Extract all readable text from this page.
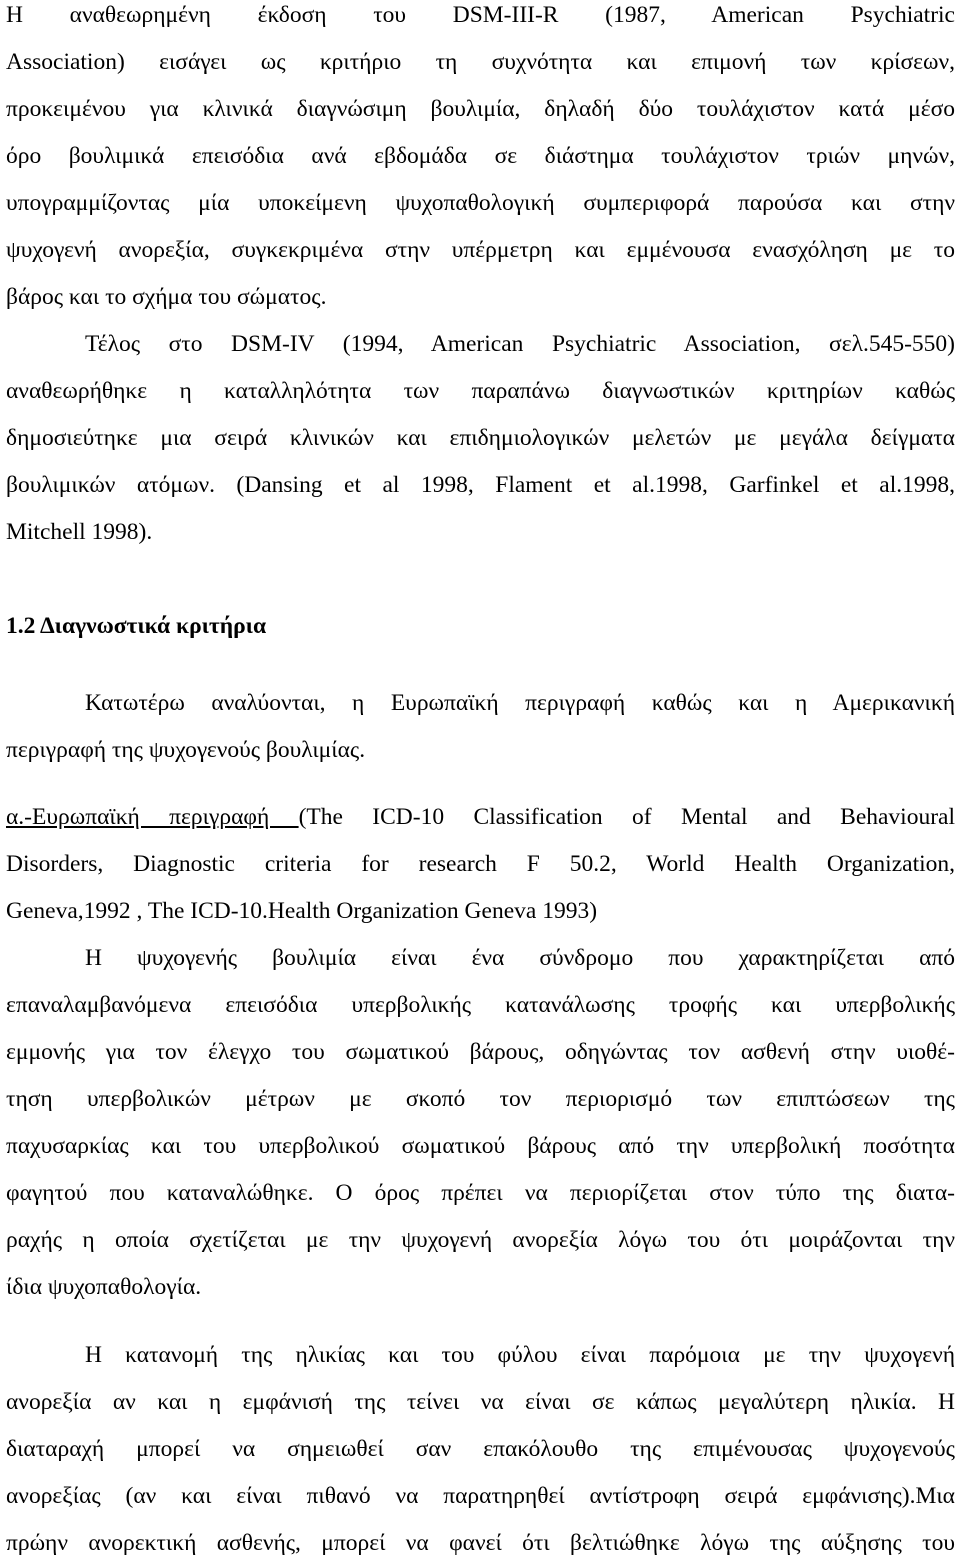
Η αναθεωρημένη έκδοση του DSM-III-R (1987, American Psychiatric
Association) εισάγει ως κριτήριο τη συχνότητα και επιμονή των κρίσεων,
προκειμένου για κλινικά διαγνώσιμη βουλιμία, δηλαδή δύο τουλάχιστον κατά μέσο
όρο βουλιμικά επεισόδια ανά εβδομάδα σε διάστημα τουλάχιστον τριών μηνών,
υπογραμμίζοντας μία υποκείμενη ψυχοπαθολογική συμπεριφορά παρούσα και στην
ψυχογενή ανορεξία, συγκεκριμένα στην υπέρμετρη και εμμένουσα ενασχόληση με το
βάρος και το σχήμα του σώματος.
Τέλος στο DSM-IV (1994, American Psychiatric Association, σελ.545-550)
αναθεωρήθηκε η καταλληλότητα των παραπάνω διαγνωστικών κριτηρίων καθώς
δημοσιεύτηκε μια σειρά κλινικών και επιδημιολογικών μελετών με μεγάλα δείγματα
βουλιμικών ατόμων. (Dansing et al 1998, Flament et al.1998, Garfinkel et al.1998,
Mitchell 1998).
1.2 Διαγνωστικά κριτήρια
Κατωτέρω αναλύονται, η Ευρωπαϊκή περιγραφή καθώς και η Αμερικανική
περιγραφή της ψυχογενούς βουλιμίας.
α.-Ευρωπαϊκή περιγραφή (The ICD-10 Classification of Mental and Behavioural
Disorders, Diagnostic criteria for research F 50.2, World Health Organization,
Geneva,1992 , The ICD-10.Health Organization Geneva 1993)
Η ψυχογενής βουλιμία είναι ένα σύνδρομο που χαρακτηρίζεται από
επαναλαμβανόμενα επεισόδια υπερβολικής κατανάλωσης τροφής και υπερβολικής
εμμονής για τον έλεγχο του σωματικού βάρους, οδηγώντας τον ασθενή στην υιοθέ-
τηση υπερβολικών μέτρων με σκοπό τον περιορισμό των επιπτώσεων της
παχυσαρκίας και του υπερβολικού σωματικού βάρους από την υπερβολική ποσότητα
φαγητού που καταναλώθηκε. Ο όρος πρέπει να περιορίζεται στον τύπο της διατα-
ραχής η οποία σχετίζεται με την ψυχογενή ανορεξία λόγω του ότι μοιράζονται την
ίδια ψυχοπαθολογία.
Η κατανομή της ηλικίας και του φύλου είναι παρόμοια με την ψυχογενή
ανορεξία αν και η εμφάνισή της τείνει να είναι σε κάπως μεγαλύτερη ηλικία. Η
διαταραχή μπορεί να σημειωθεί σαν επακόλουθο της επιμένουσας ψυχογενούς
ανορεξίας (αν και είναι πιθανό να παρατηρηθεί αντίστροφη σειρά εμφάνισης).Μια
πρώην ανορεκτική ασθενής, μπορεί να φανεί ότι βελτιώθηκε λόγω της αύξησης του
